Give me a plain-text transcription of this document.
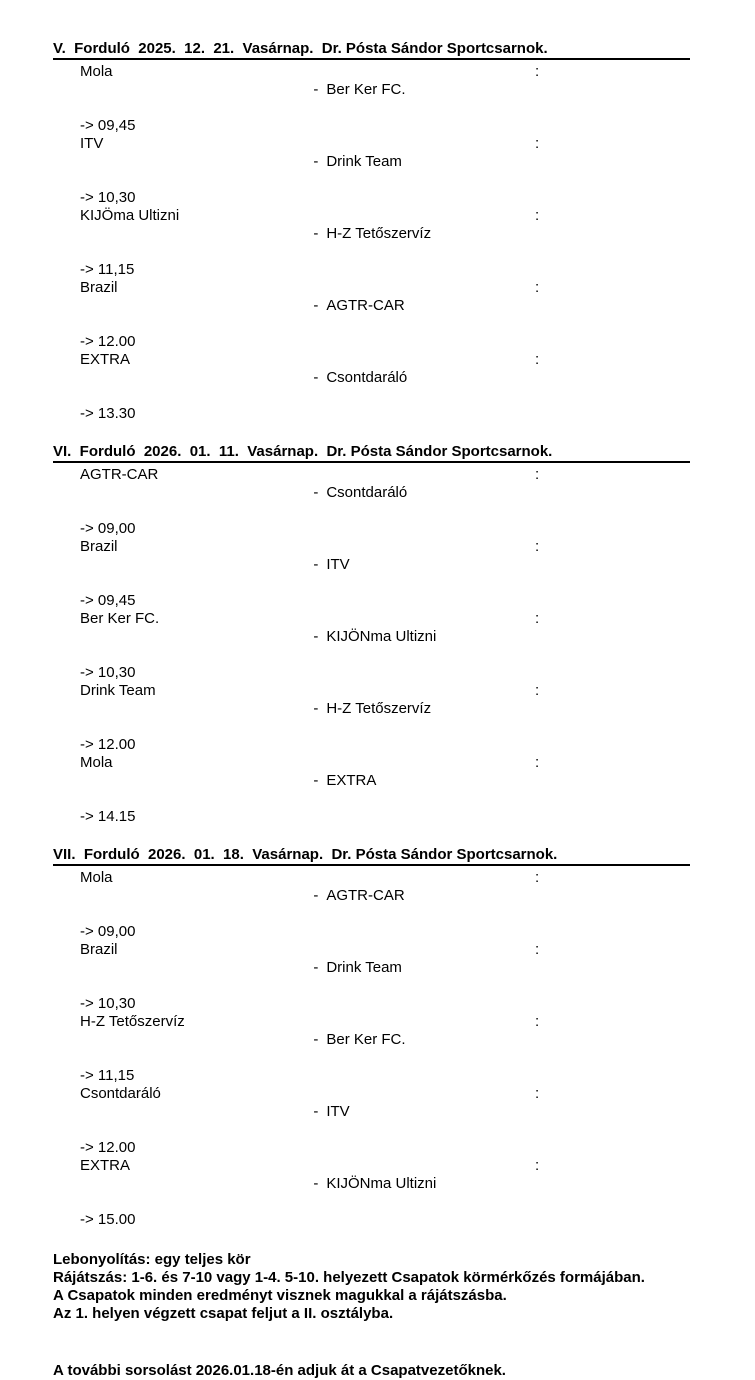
V.  Forduló  2025.  12.  21.  Vasárnap.  Dr. Pósta Sándor Sportcsarnok.
Mola

- Ber Ker FC.

:
-> 09,45
ITV

- Drink Team

:
-> 10,30
KIJÖma Ultizni

- H-Z Tetőszervíz

:
-> 11,15
Brazil

- AGTR-CAR

:
-> 12.00
EXTRA

- Csontdaráló

:
-> 13.30
VI.  Forduló  2026.  01.  11.  Vasárnap.  Dr. Pósta Sándor Sportcsarnok.
AGTR-CAR

- Csontdaráló

:
-> 09,00
Brazil

- ITV

:
-> 09,45
Ber Ker FC.

- KIJÖNma Ultizni

:
-> 10,30
Drink Team

- H-Z Tetőszervíz

:
-> 12.00
Mola

- EXTRA

:
-> 14.15
VII.  Forduló  2026.  01.  18.  Vasárnap.  Dr. Pósta Sándor Sportcsarnok.
Mola

- AGTR-CAR

:
-> 09,00
Brazil

- Drink Team

:
-> 10,30
H-Z Tetőszervíz

- Ber Ker FC.

:
-> 11,15
Csontdaráló

- ITV

:
-> 12.00
EXTRA

- KIJÖNma Ultizni

:
-> 15.00
Lebonyolítás: egy teljes kör
Rájátszás: 1-6. és 7-10 vagy 1-4. 5-10. helyezett Csapatok körmérkőzés formájában.
A Csapatok minden eredményt visznek magukkal a rájátszásba.
Az 1. helyen végzett csapat feljut a II. osztályba.
A további sorsolást 2026.01.18-én adjuk át a Csapatvezetőknek.
